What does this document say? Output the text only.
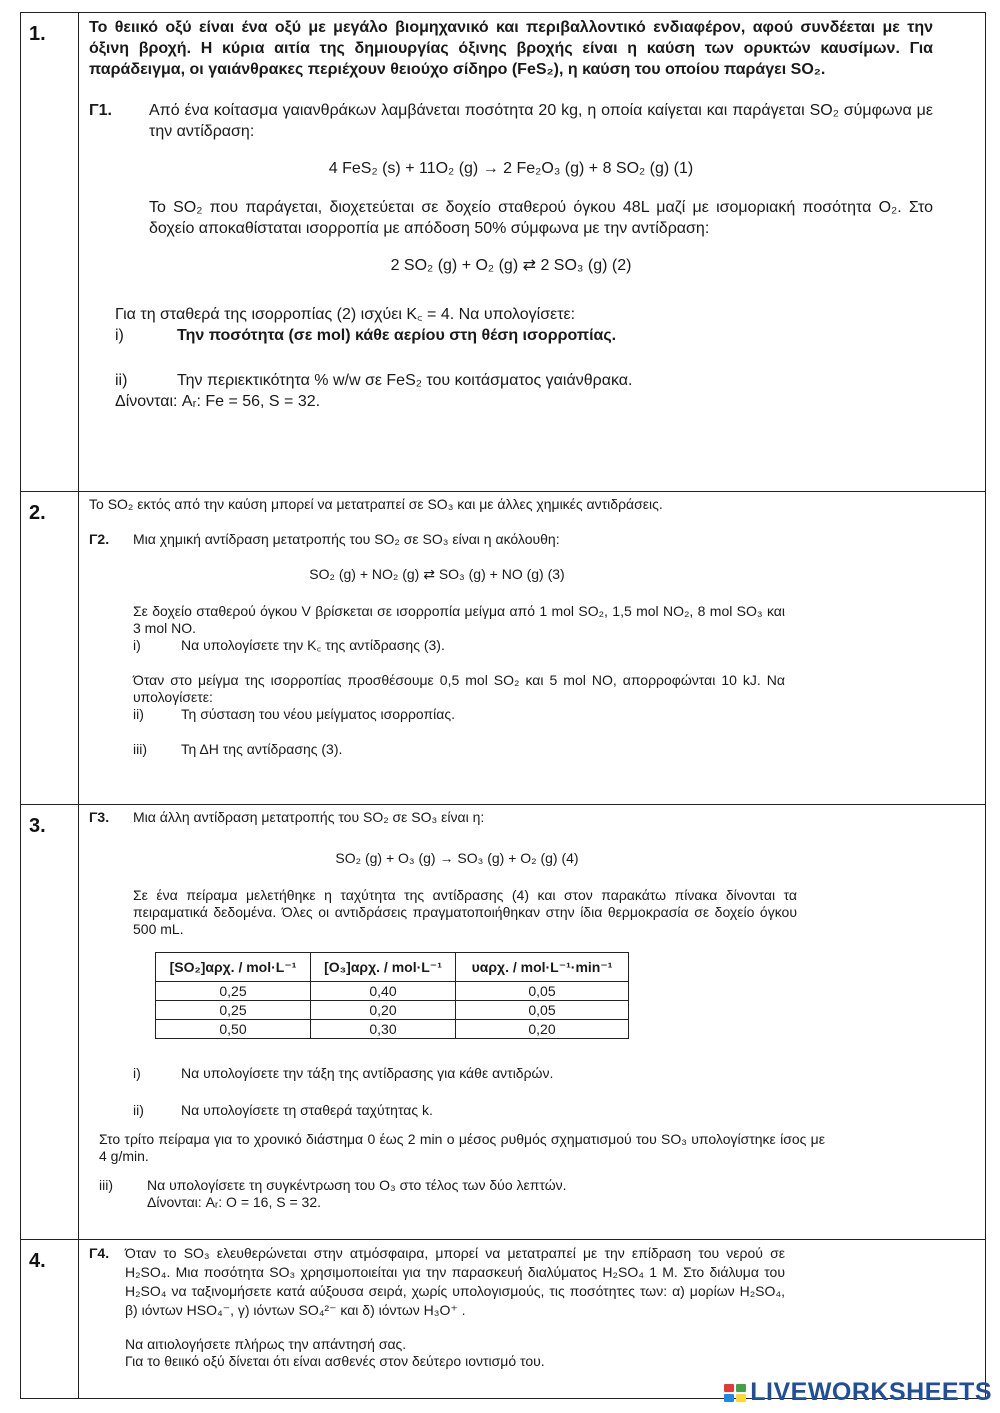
1.	Το θειικό οξύ είναι ένα οξύ με μεγάλο βιομηχανικό και περιβαλλοντικό ενδιαφέρον, αφού συνδέεται με την όξινη βροχή. Η κύρια αιτία της δημιουργίας όξινης βροχής είναι η καύση των ορυκτών καυσίμων. Για παράδειγμα, οι γαιάνθρακες περιέχουν θειούχο σίδηρο (FeS₂), η καύση του οποίου παράγει SO₂.

Γ1.	Από ένα κοίτασμα γαιανθράκων λαμβάνεται ποσότητα 20 kg, η οποία καίγεται και παράγεται SO₂ σύμφωνα με την αντίδραση:

4 FeS₂ (s) + 11O₂ (g) → 2 Fe₂O₃ (g) + 8 SO₂ (g) (1)

Το SO₂ που παράγεται, διοχετεύεται σε δοχείο σταθερού όγκου 48L μαζί με ισομοριακή ποσότητα O₂. Στο δοχείο αποκαθίσταται ισορροπία με απόδοση 50% σύμφωνα με την αντίδραση:

2 SO₂ (g) + O₂ (g) ⇄ 2 SO₃ (g) (2)

Για τη σταθερά της ισορροπίας (2) ισχύει K꜀ = 4. Να υπολογίσετε:

i)	Την ποσότητα (σε mol) κάθε αερίου στη θέση ισορροπίας.
ii)	Την περιεκτικότητα % w/w σε FeS₂ του κοιτάσματος γαιάνθρακα.

Δίνονται: Aᵣ: Fe = 56, S = 32.

2.	Το SO₂ εκτός από την καύση μπορεί να μετατραπεί σε SO₃ και με άλλες χημικές αντιδράσεις.

Γ2.	Μια χημική αντίδραση μετατροπής του SO₂ σε SO₃ είναι η ακόλουθη:

SO₂ (g) + NO₂ (g) ⇄ SO₃ (g) + NO (g) (3)

Σε δοχείο σταθερού όγκου V βρίσκεται σε ισορροπία μείγμα από 1 mol SO₂, 1,5 mol NO₂, 8 mol SO₃ και 3 mol NO.

i)	Να υπολογίσετε την K꜀ της αντίδρασης (3).

Όταν στο μείγμα της ισορροπίας προσθέσουμε 0,5 mol SO₂ και 5 mol NO, απορροφώνται 10 kJ. Να υπολογίσετε:

ii)	Τη σύσταση του νέου μείγματος ισορροπίας.
iii)	Τη ΔH της αντίδρασης (3).
3.	Γ3.	Μια άλλη αντίδραση μετατροπής του SO₂ σε SO₃ είναι η:

SO₂ (g) + O₃ (g) → SO₃ (g) + O₂ (g) (4)

Σε ένα πείραμα μελετήθηκε η ταχύτητα της αντίδρασης (4) και στον παρακάτω πίνακα δίνονται τα πειραματικά δεδομένα. Όλες οι αντιδράσεις πραγματοποιήθηκαν στην ίδια θερμοκρασία σε δοχείο όγκου 500 mL.

[SO₂]αρχ. / mol·L⁻¹	[O₃]αρχ. / mol·L⁻¹	υαρχ. / mol·L⁻¹·min⁻¹
0,25	0,40	0,05
0,25	0,20	0,05
0,50	0,30	0,20
i)	Να υπολογίσετε την τάξη της αντίδρασης για κάθε αντιδρών.
ii)	Να υπολογίσετε τη σταθερά ταχύτητας k.

Στο τρίτο πείραμα για το χρονικό διάστημα 0 έως 2 min ο μέσος ρυθμός σχηματισμού του SO₃ υπολογίστηκε ίσος με 4 g/min.

iii)	Να υπολογίσετε τη συγκέντρωση του O₃ στο τέλος των δύο λεπτών.

Δίνονται: Aᵣ: O = 16, S = 32.

4.	Γ4.	Όταν το SO₃ ελευθερώνεται στην ατμόσφαιρα, μπορεί να μετατραπεί με την επίδραση του νερού σε H₂SO₄. Μια ποσότητα SO₃ χρησιμοποιείται για την παρασκευή διαλύματος H₂SO₄ 1 M. Στο διάλυμα του H₂SO₄ να ταξινομήσετε κατά αύξουσα σειρά, χωρίς υπολογισμούς, τις ποσότητες των: α) μορίων H₂SO₄, β) ιόντων HSO₄⁻, γ) ιόντων SO₄²⁻ και δ) ιόντων H₃O⁺ .

Να αιτιολογήσετε πλήρως την απάντησή σας.

Για το θειικό οξύ δίνεται ότι είναι ασθενές στον δεύτερο ιοντισμό του.

LIVEWORKSHEETS
